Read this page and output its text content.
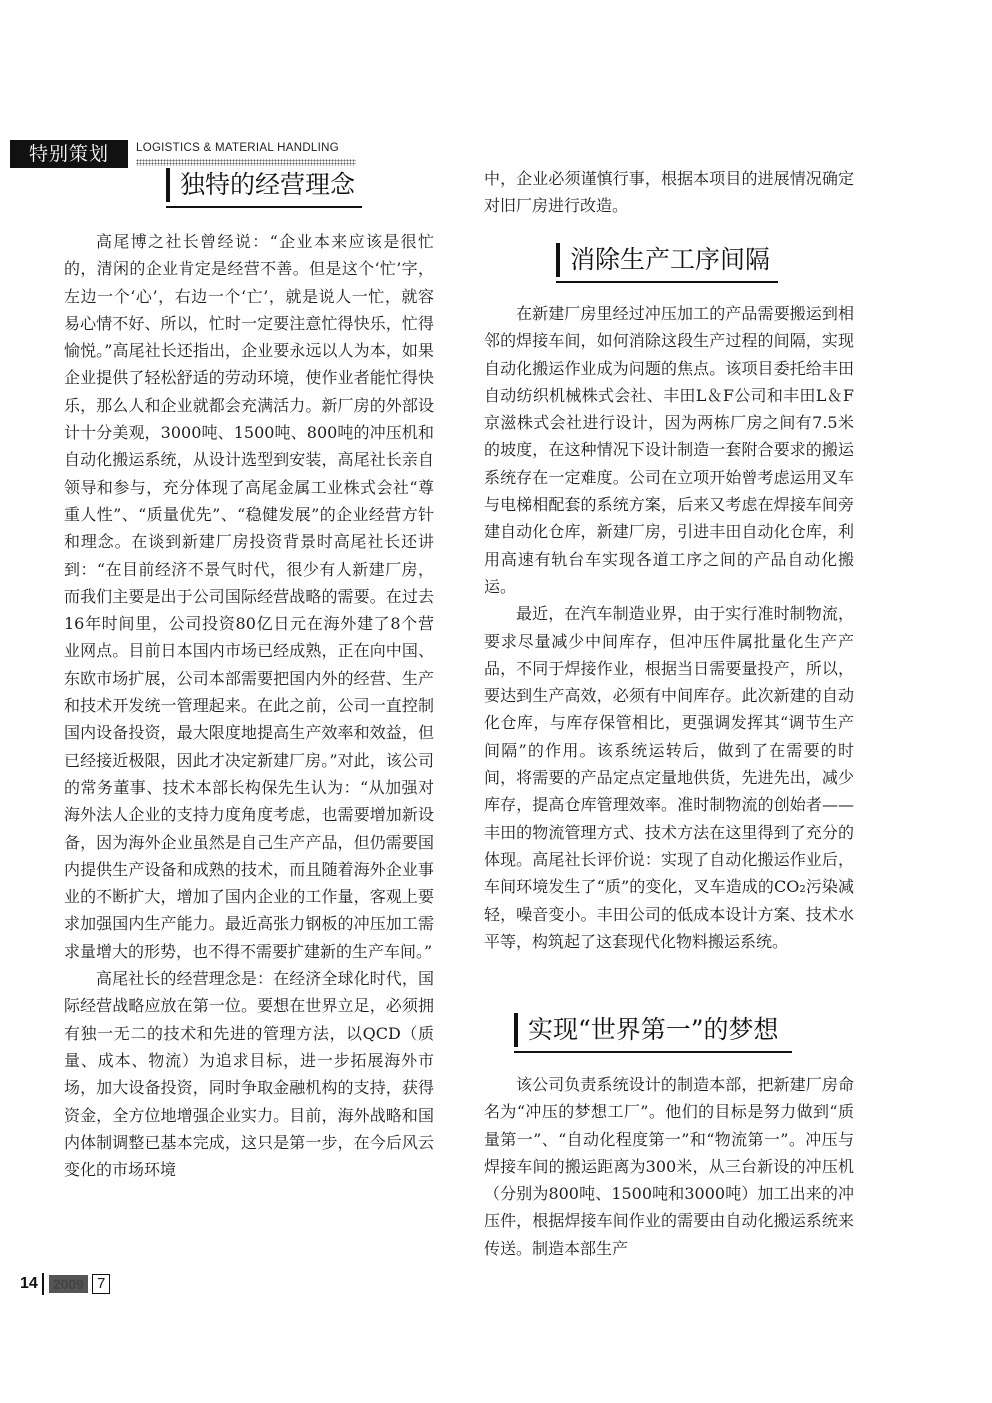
特别策划	LOGISTICS & MATERIAL HANDLING
独特的经营理念

高尾博之社长曾经说：“企业本来应该是很忙的，清闲的企业肯定是经营不善。但是这个‘忙’字，左边一个‘心’，右边一个‘亡’，就是说人一忙，就容易心情不好、所以，忙时一定要注意忙得快乐，忙得愉悦。”高尾社长还指出，企业要永远以人为本，如果企业提供了轻松舒适的劳动环境，使作业者能忙得快乐，那么人和企业就都会充满活力。新厂房的外部设计十分美观，3000吨、1500吨、800吨的冲压机和自动化搬运系统，从设计选型到安装，高尾社长亲自领导和参与，充分体现了高尾金属工业株式会社“尊重人性”、“质量优先”、“稳健发展”的企业经营方针和理念。在谈到新建厂房投资背景时高尾社长还讲到：“在目前经济不景气时代，很少有人新建厂房，而我们主要是出于公司国际经营战略的需要。在过去16年时间里，公司投资80亿日元在海外建了8个营业网点。目前日本国内市场已经成熟，正在向中国、东欧市场扩展，公司本部需要把国内外的经营、生产和技术开发统一管理起来。在此之前，公司一直控制国内设备投资，最大限度地提高生产效率和效益，但已经接近极限，因此才决定新建厂房。”对此，该公司的常务董事、技术本部长构保先生认为：“从加强对海外法人企业的支持力度角度考虑，也需要增加新设备，因为海外企业虽然是自己生产产品，但仍需要国内提供生产设备和成熟的技术，而且随着海外企业事业的不断扩大，增加了国内企业的工作量，客观上要求加强国内生产能力。最近高张力钢板的冲压加工需求量增大的形势，也不得不需要扩建新的生产车间。”

高尾社长的经营理念是：在经济全球化时代，国际经营战略应放在第一位。要想在世界立足，必须拥有独一无二的技术和先进的管理方法，以QCD（质量、成本、物流）为追求目标，进一步拓展海外市场，加大设备投资，同时争取金融机构的支持，获得资金，全方位地增强企业实力。目前，海外战略和国内体制调整已基本完成，这只是第一步，在今后风云变化的市场环境

中，企业必须谨慎行事，根据本项目的进展情况确定对旧厂房进行改造。

消除生产工序间隔

在新建厂房里经过冲压加工的产品需要搬运到相邻的焊接车间，如何消除这段生产过程的间隔，实现自动化搬运作业成为问题的焦点。该项目委托给丰田自动纺织机械株式会社、丰田L＆F公司和丰田L＆F京滋株式会社进行设计，因为两栋厂房之间有7.5米的坡度，在这种情况下设计制造一套附合要求的搬运系统存在一定难度。公司在立项开始曾考虑运用叉车与电梯相配套的系统方案，后来又考虑在焊接车间旁建自动化仓库，新建厂房，引进丰田自动化仓库，利用高速有轨台车实现各道工序之间的产品自动化搬运。

最近，在汽车制造业界，由于实行准时制物流，要求尽量减少中间库存，但冲压件属批量化生产产品，不同于焊接作业，根据当日需要量投产，所以，要达到生产高效，必须有中间库存。此次新建的自动化仓库，与库存保管相比，更强调发挥其“调节生产间隔”的作用。该系统运转后，做到了在需要的时间，将需要的产品定点定量地供货，先进先出，减少库存，提高仓库管理效率。准时制物流的创始者——丰田的物流管理方式、技术方法在这里得到了充分的体现。高尾社长评价说：实现了自动化搬运作业后，车间环境发生了“质”的变化，叉车造成的CO₂污染减轻，噪音变小。丰田公司的低成本设计方案、技术水平等，构筑起了这套现代化物料搬运系统。

实现“世界第一”的梦想

该公司负责系统设计的制造本部，把新建厂房命名为“冲压的梦想工厂”。他们的目标是努力做到“质量第一”、“自动化程度第一”和“物流第一”。冲压与焊接车间的搬运距离为300米，从三台新设的冲压机（分别为800吨、1500吨和3000吨）加工出来的冲压件，根据焊接车间作业的需要由自动化搬运系统来传送。制造本部生产

14 2009 7
